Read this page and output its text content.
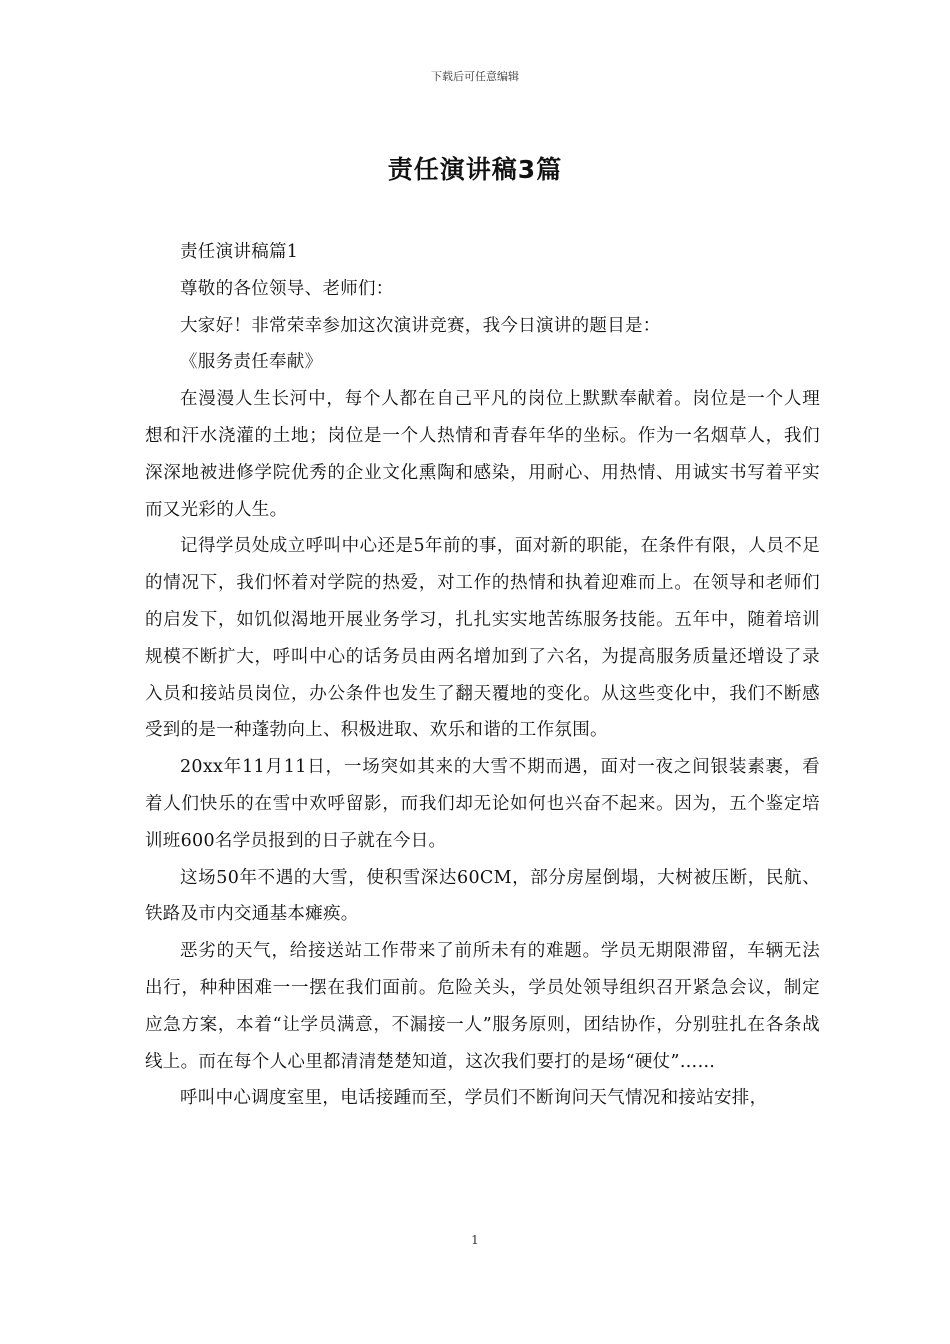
下载后可任意编辑
责任演讲稿3篇

责任演讲稿篇1

尊敬的各位领导、老师们：

大家好！非常荣幸参加这次演讲竞赛，我今日演讲的题目是：

《服务责任奉献》

在漫漫人生长河中，每个人都在自己平凡的岗位上默默奉献着。岗位是一个人理想和汗水浇灌的土地；岗位是一个人热情和青春年华的坐标。作为一名烟草人，我们深深地被进修学院优秀的企业文化熏陶和感染，用耐心、用热情、用诚实书写着平实而又光彩的人生。

记得学员处成立呼叫中心还是5年前的事，面对新的职能，在条件有限，人员不足的情况下，我们怀着对学院的热爱，对工作的热情和执着迎难而上。在领导和老师们的启发下，如饥似渴地开展业务学习，扎扎实实地苦练服务技能。五年中，随着培训规模不断扩大，呼叫中心的话务员由两名增加到了六名，为提高服务质量还增设了录入员和接站员岗位，办公条件也发生了翻天覆地的变化。从这些变化中，我们不断感受到的是一种蓬勃向上、积极进取、欢乐和谐的工作氛围。

20xx年11月11日，一场突如其来的大雪不期而遇，面对一夜之间银装素裹，看着人们快乐的在雪中欢呼留影，而我们却无论如何也兴奋不起来。因为，五个鉴定培训班600名学员报到的日子就在今日。

这场50年不遇的大雪，使积雪深达60CM，部分房屋倒塌，大树被压断，民航、铁路及市内交通基本瘫痪。

恶劣的天气，给接送站工作带来了前所未有的难题。学员无期限滞留，车辆无法出行，种种困难一一摆在我们面前。危险关头，学员处领导组织召开紧急会议，制定应急方案，本着“让学员满意，不漏接一人”服务原则，团结协作，分别驻扎在各条战线上。而在每个人心里都清清楚楚知道，这次我们要打的是场“硬仗”……

呼叫中心调度室里，电话接踵而至，学员们不断询问天气情况和接站安排，

1
